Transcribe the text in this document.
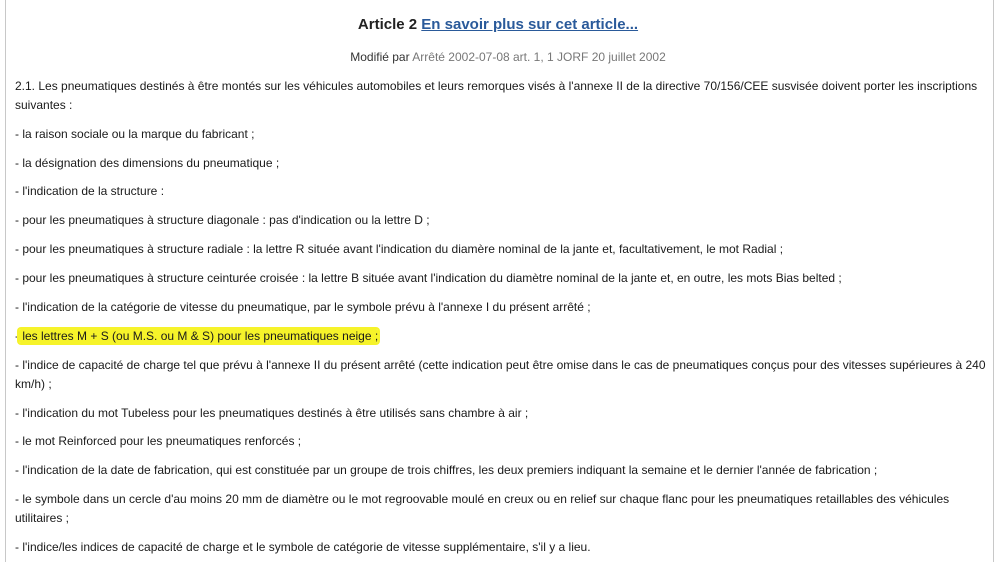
Article 2 En savoir plus sur cet article...
Modifié par Arrêté 2002-07-08 art. 1, 1 JORF 20 juillet 2002

2.1. Les pneumatiques destinés à être montés sur les véhicules automobiles et leurs remorques visés à l'annexe II de la directive 70/156/CEE susvisée doivent porter les inscriptions suivantes :

- la raison sociale ou la marque du fabricant ;

- la désignation des dimensions du pneumatique ;

- l'indication de la structure :

- pour les pneumatiques à structure diagonale : pas d'indication ou la lettre D ;

- pour les pneumatiques à structure radiale : la lettre R située avant l'indication du diamère nominal de la jante et, facultativement, le mot Radial ;

- pour les pneumatiques à structure ceinturée croisée : la lettre B située avant l'indication du diamètre nominal de la jante et, en outre, les mots Bias belted ;

- l'indication de la catégorie de vitesse du pneumatique, par le symbole prévu à l'annexe I du présent arrêté ;

- les lettres M + S (ou M.S. ou M & S) pour les pneumatiques neige ;

- l'indice de capacité de charge tel que prévu à l'annexe II du présent arrêté (cette indication peut être omise dans le cas de pneumatiques conçus pour des vitesses supérieures à 240 km/h) ;

- l'indication du mot Tubeless pour les pneumatiques destinés à être utilisés sans chambre à air ;

- le mot Reinforced pour les pneumatiques renforcés ;

- l'indication de la date de fabrication, qui est constituée par un groupe de trois chiffres, les deux premiers indiquant la semaine et le dernier l'année de fabrication ;

- le symbole dans un cercle d'au moins 20 mm de diamètre ou le mot regroovable moulé en creux ou en relief sur chaque flanc pour les pneumatiques retaillables des véhicules utilitaires ;

- l'indice/les indices de capacité de charge et le symbole de catégorie de vitesse supplémentaire, s'il y a lieu.
